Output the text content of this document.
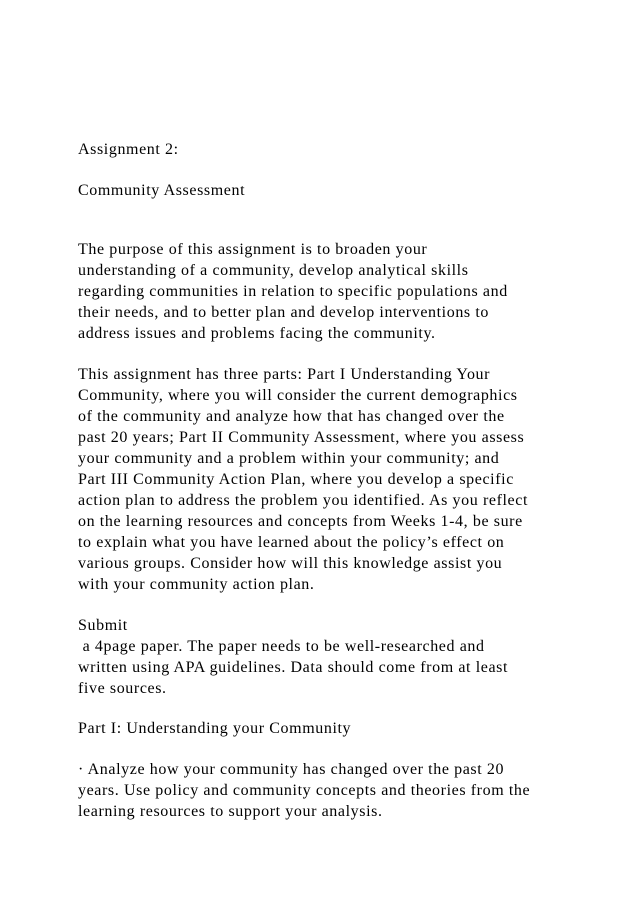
Assignment 2:

Community Assessment

The purpose of this assignment is to broaden your

understanding of a community, develop analytical skills

regarding communities in relation to specific populations and

their needs, and to better plan and develop interventions to

address issues and problems facing the community.

This assignment has three parts: Part I Understanding Your

Community, where you will consider the current demographics

of the community and analyze how that has changed over the

past 20 years; Part II Community Assessment, where you assess

your community and a problem within your community; and

Part III Community Action Plan, where you develop a specific

action plan to address the problem you identified. As you reflect

on the learning resources and concepts from Weeks 1-4, be sure

to explain what you have learned about the policy’s effect on

various groups. Consider how will this knowledge assist you

with your community action plan.

Submit

a 4page paper. The paper needs to be well-researched and

written using APA guidelines. Data should come from at least

five sources.

Part I: Understanding your Community

· Analyze how your community has changed over the past 20

years. Use policy and community concepts and theories from the

learning resources to support your analysis.
